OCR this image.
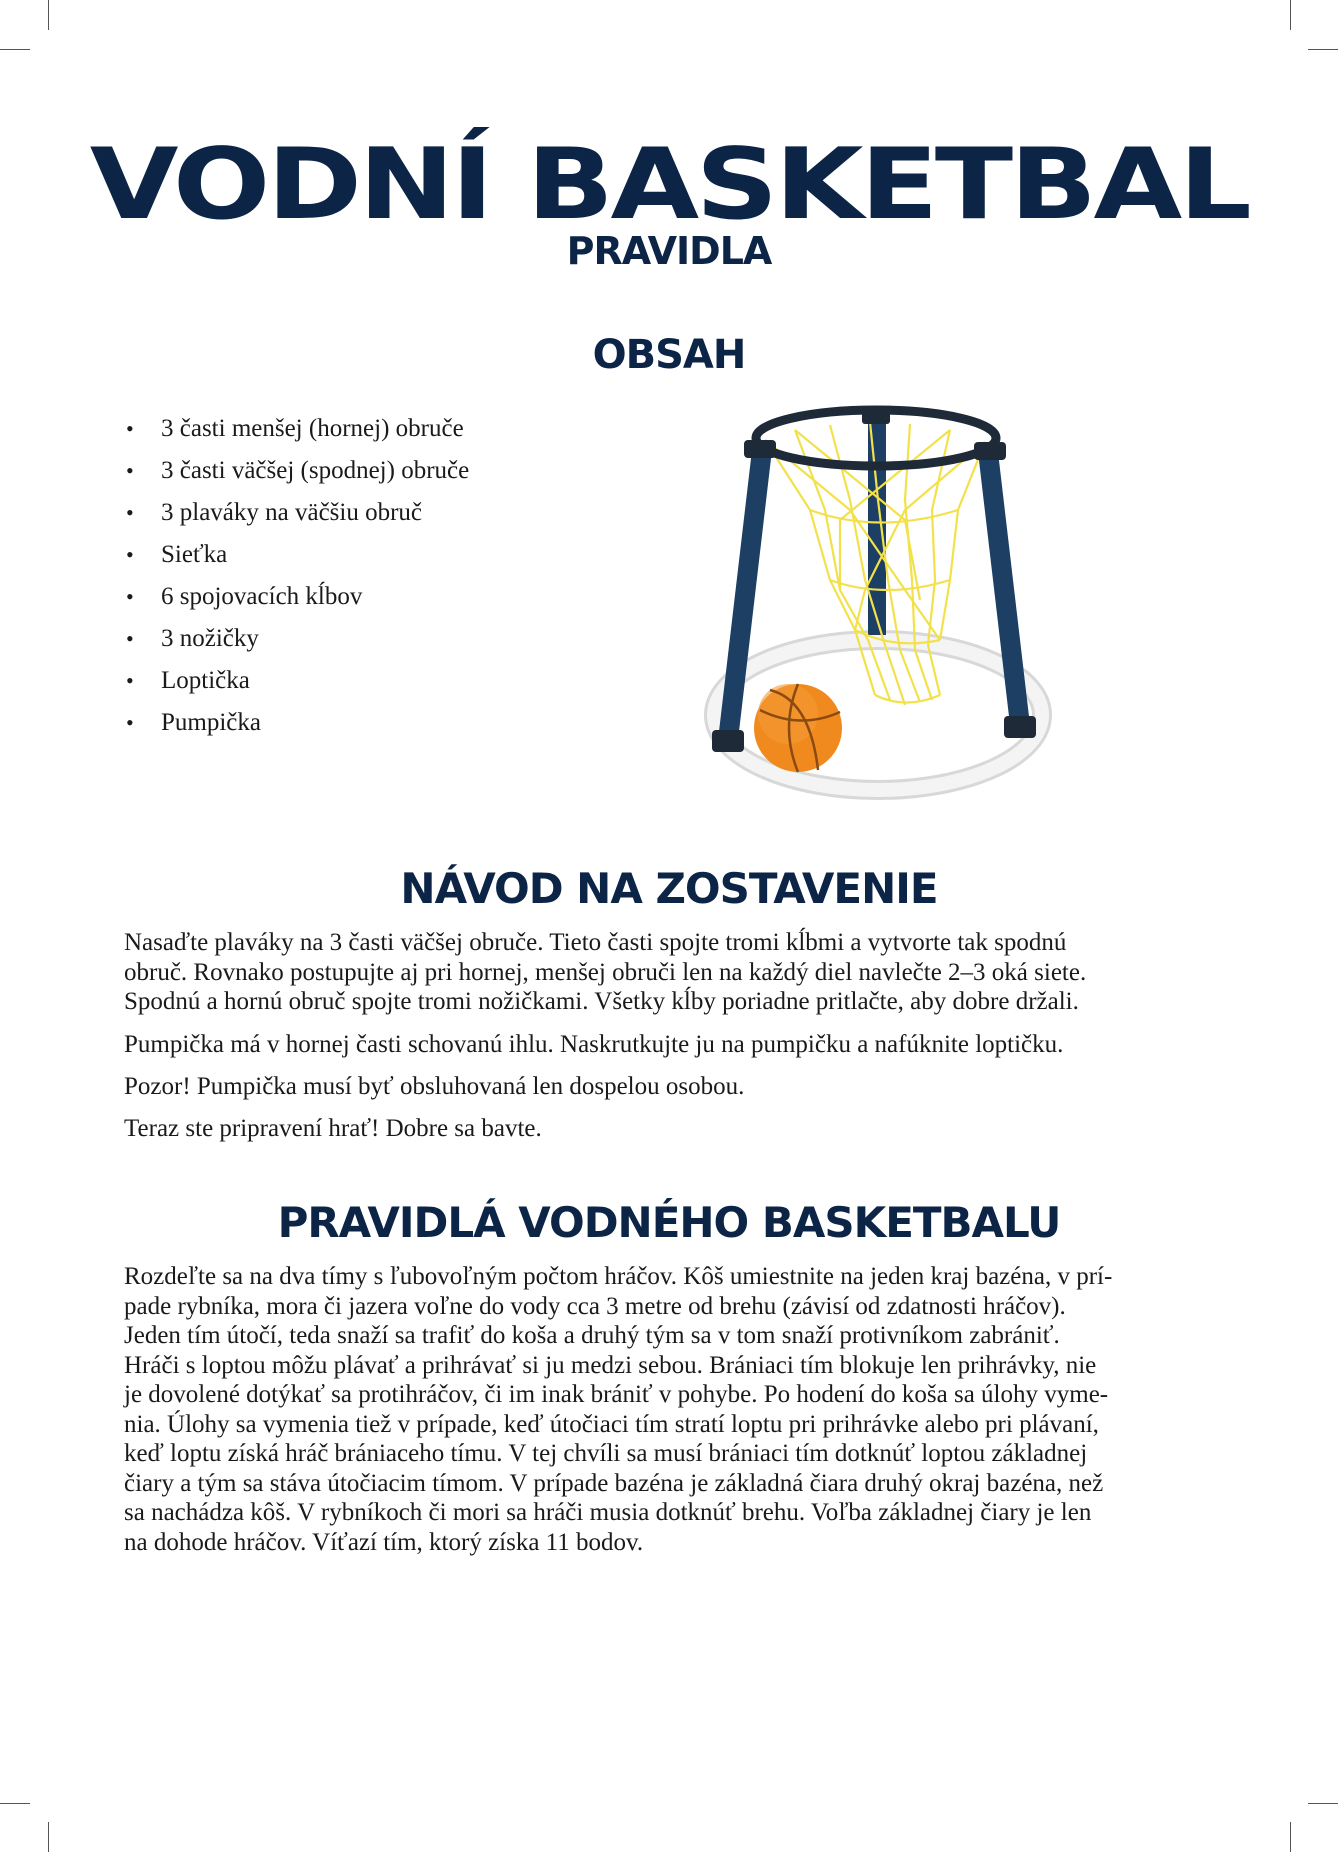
VODNÍ BASKETBAL
PRAVIDLA
OBSAH
• 3 časti menšej (hornej) obruče
• 3 časti väčšej (spodnej) obruče
• 3 plaváky na väčšiu obruč
• Sieťka
• 6 spojovacích kĺbov
• 3 nožičky
• Loptička
• Pumpička
NÁVOD NA ZOSTAVENIE

Nasaďte plaváky na 3 časti väčšej obruče. Tieto časti spojte tromi kĺbmi a vytvorte tak spodnú
obruč. Rovnako postupujte aj pri hornej, menšej obruči len na každý diel navlečte 2–3 oká siete.
Spodnú a hornú obruč spojte tromi nožičkami. Všetky kĺby poriadne pritlačte, aby dobre držali.

Pumpička má v hornej časti schovanú ihlu. Naskrutkujte ju na pumpičku a nafúknite loptičku.

Pozor! Pumpička musí byť obsluhovaná len dospelou osobou.

Teraz ste pripravení hrať! Dobre sa bavte.

PRAVIDLÁ VODNÉHO BASKETBALU

Rozdeľte sa na dva tímy s ľubovoľným počtom hráčov. Kôš umiestnite na jeden kraj bazéna, v prí-
pade rybníka, mora či jazera voľne do vody cca 3 metre od brehu (závisí od zdatnosti hráčov).
Jeden tím útočí, teda snaží sa trafiť do koša a druhý tým sa v tom snaží protivníkom zabrániť.
Hráči s loptou môžu plávať a prihrávať si ju medzi sebou. Brániaci tím blokuje len prihrávky, nie
je dovolené dotýkať sa protihráčov, či im inak brániť v pohybe. Po hodení do koša sa úlohy vyme-
nia. Úlohy sa vymenia tiež v prípade, keď útočiaci tím stratí loptu pri prihrávke alebo pri plávaní,
keď loptu získá hráč brániaceho tímu. V tej chvíli sa musí brániaci tím dotknúť loptou základnej
čiary a tým sa stáva útočiacim tímom. V prípade bazéna je základná čiara druhý okraj bazéna, než
sa nachádza kôš. V rybníkoch či mori sa hráči musia dotknúť brehu. Voľba základnej čiary je len
na dohode hráčov. Víťazí tím, ktorý získa 11 bodov.
